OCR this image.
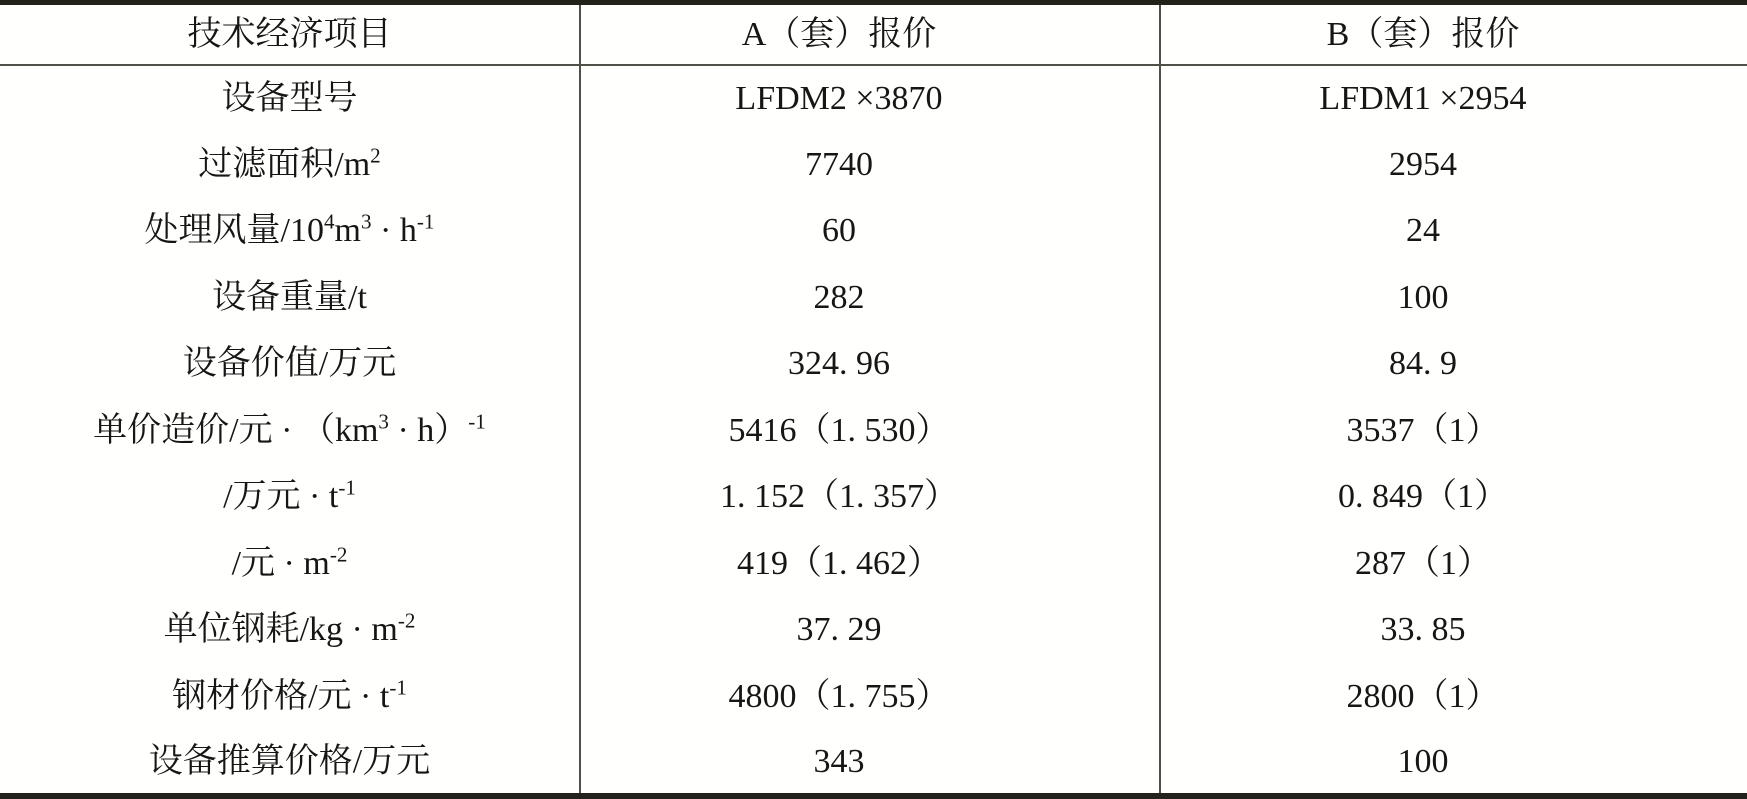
技术经济项目	A（套）报价	B（套）报价
设备型号	LFDM2 ×3870	LFDM1 ×2954
过滤面积$/m^2$	7740	2954
处理风量$/10^4m^3 \cdot h^{-1}$	60	24
设备重量/t	282	100
设备价值/万元	324. 96	84. 9
单价造价/元 · $(km^3 \cdot h)^{-1}$	5416（1. 530）	3537（1）
/万元 · $t^{-1}$	1. 152（1. 357）	0. 849（1）
/元 · $m^{-2}$	419（1. 462）	287（1）
单位钢耗$/kg \cdot m^{-2}$	37. 29	33. 85
钢材价格/元 · $t^{-1}$	4800（1. 755）	2800（1）
设备推算价格/万元	343	100
